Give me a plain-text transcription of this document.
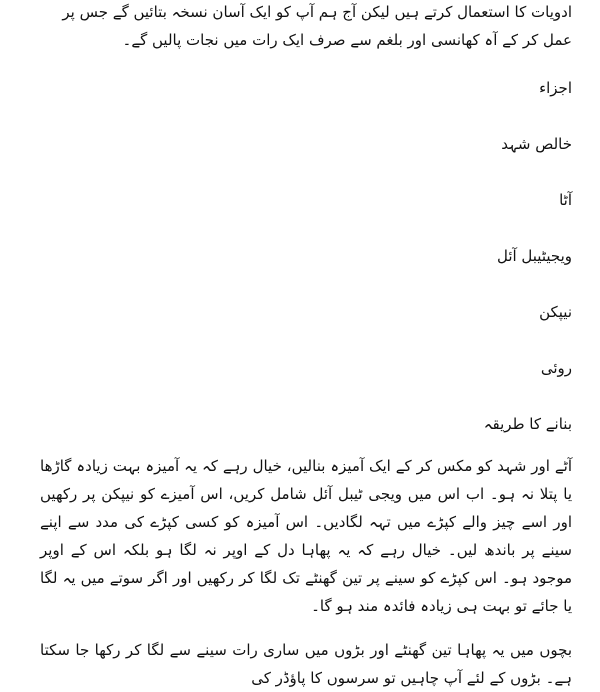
ادویات کا استعمال کرتے ہیں لیکن آج ہم آپ کو ایک آسان نسخہ بتائیں گے جس پر عمل کر کے آہ کھانسی اور بلغم سے صرف ایک رات میں نجات پالیں گے۔

اجزاء

خالص شہد

آٹا

ویجیٹیبل آئل

نیپکن

روئی

بنانے کا طریقہ

آٹے اور شہد کو مکس کر کے ایک آمیزہ بنالیں، خیال رہے کہ یہ آمیزہ بہت زیادہ گاڑھا یا پتلا نہ ہو۔ اب اس میں ویجی ٹیبل آئل شامل کریں، اس آمیزے کو نیپکن پر رکھیں اور اسے چیز والے کپڑے میں تہہ لگادیں۔ اس آمیزہ کو کسی کپڑے کی مدد سے اپنے سینے پر باندھ لیں۔ خیال رہے کہ یہ پھاہا دل کے اوپر نہ لگا ہو بلکہ اس کے اوپر موجود ہو۔ اس کپڑے کو سینے پر تین گھنٹے تک لگا کر رکھیں اور اگر سوتے میں یہ لگا یا جائے تو بہت ہی زیادہ فائدہ مند ہو گا۔

بچوں میں یہ پھاہا تین گھنٹے اور بڑوں میں ساری رات سینے سے لگا کر رکھا جا سکتا ہے۔ بڑوں کے لئے آپ چاہیں تو سرسوں کا پاؤڈر کی
